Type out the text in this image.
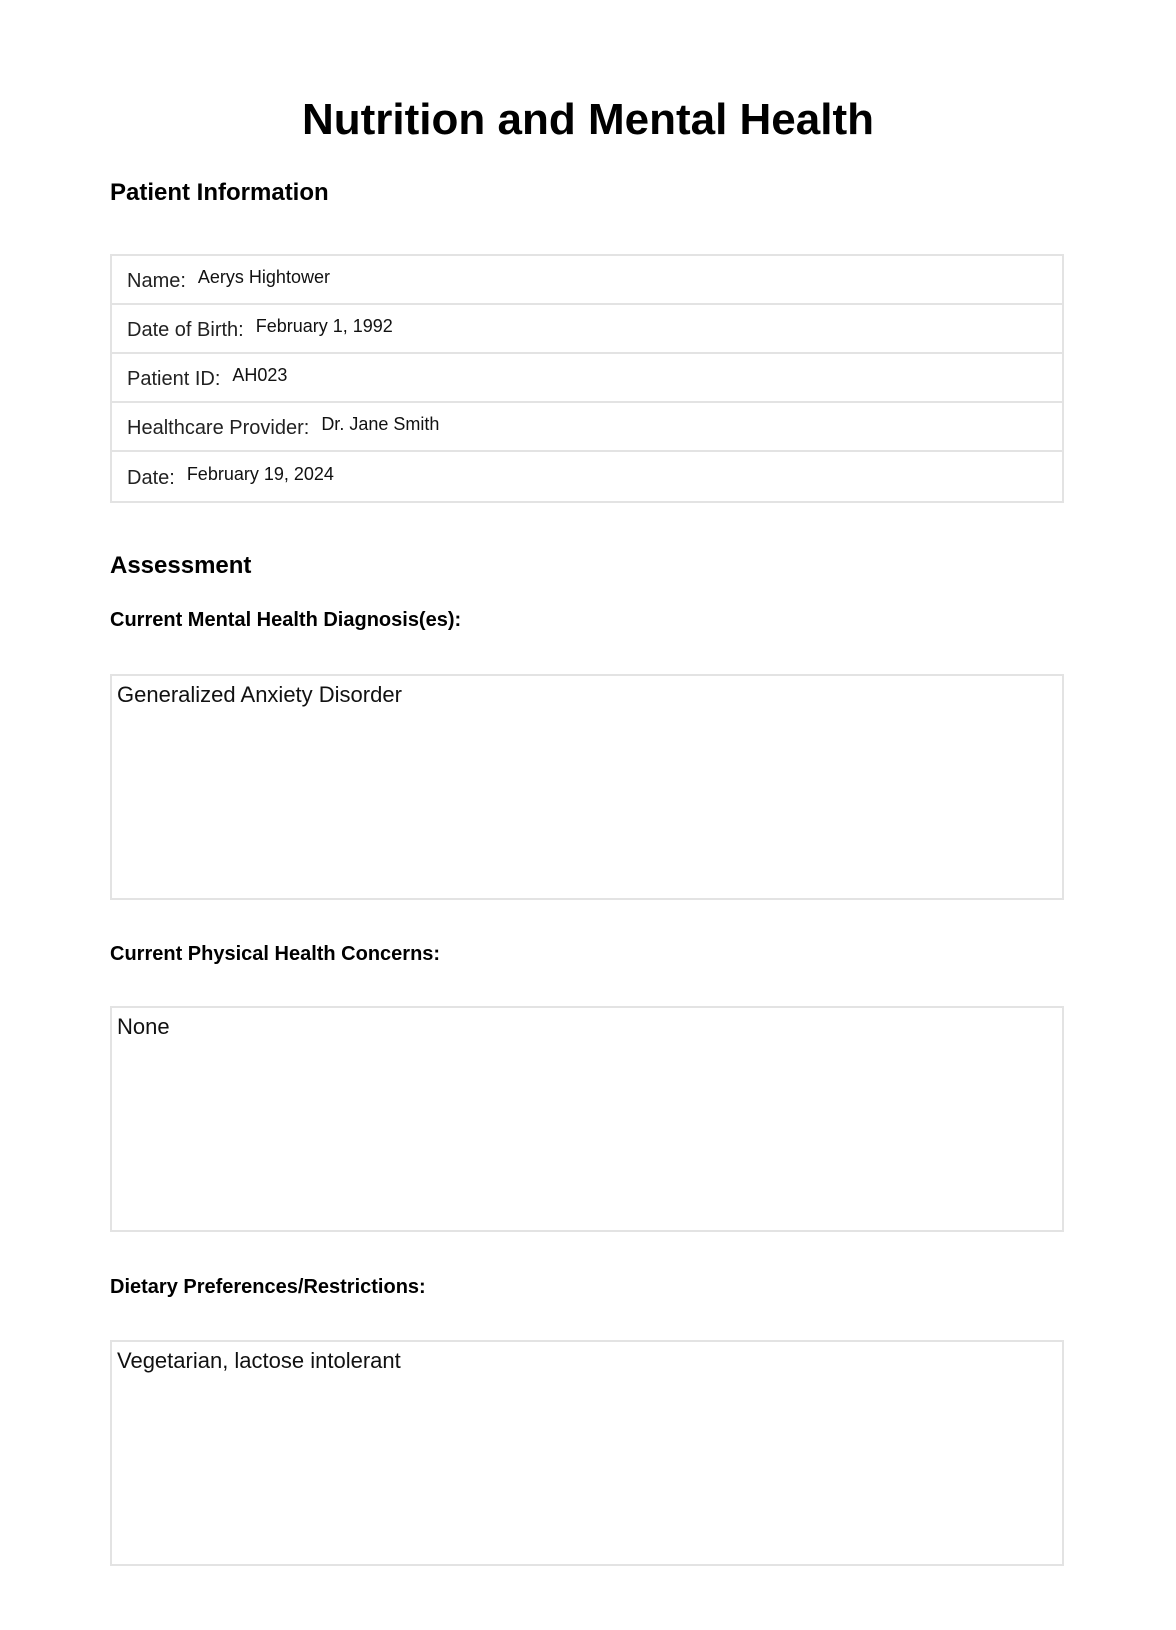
Nutrition and Mental Health
Patient Information
Name: Aerys Hightower
Date of Birth: February 1, 1992
Patient ID: AH023
Healthcare Provider: Dr. Jane Smith
Date: February 19, 2024
Assessment
Current Mental Health Diagnosis(es):
Generalized Anxiety Disorder
Current Physical Health Concerns:
None
Dietary Preferences/Restrictions:
Vegetarian, lactose intolerant
